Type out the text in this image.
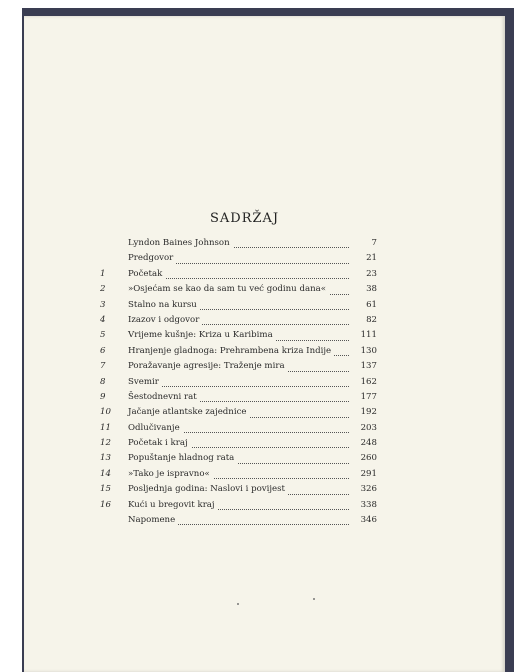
SADRŽAJ
Lyndon Baines Johnson	7
Predgovor	21
1	Početak	23
2	»Osjećam se kao da sam tu već godinu dana«	38
3	Stalno na kursu	61
4	Izazov i odgovor	82
5	Vrijeme kušnje: Kriza u Karibima	111
6	Hranjenje gladnoga: Prehrambena kriza Indije	130
7	Poražavanje agresije: Traženje mira	137
8	Svemir	162
9	Šestodnevni rat	177
10	Jačanje atlantske zajednice	192
11	Odlučivanje	203
12	Početak i kraj	248
13	Popuštanje hladnog rata	260
14	»Tako je ispravno«	291
15	Posljednja godina: Naslovi i povijest	326
16	Kući u bregovit kraj	338
Napomene	346
